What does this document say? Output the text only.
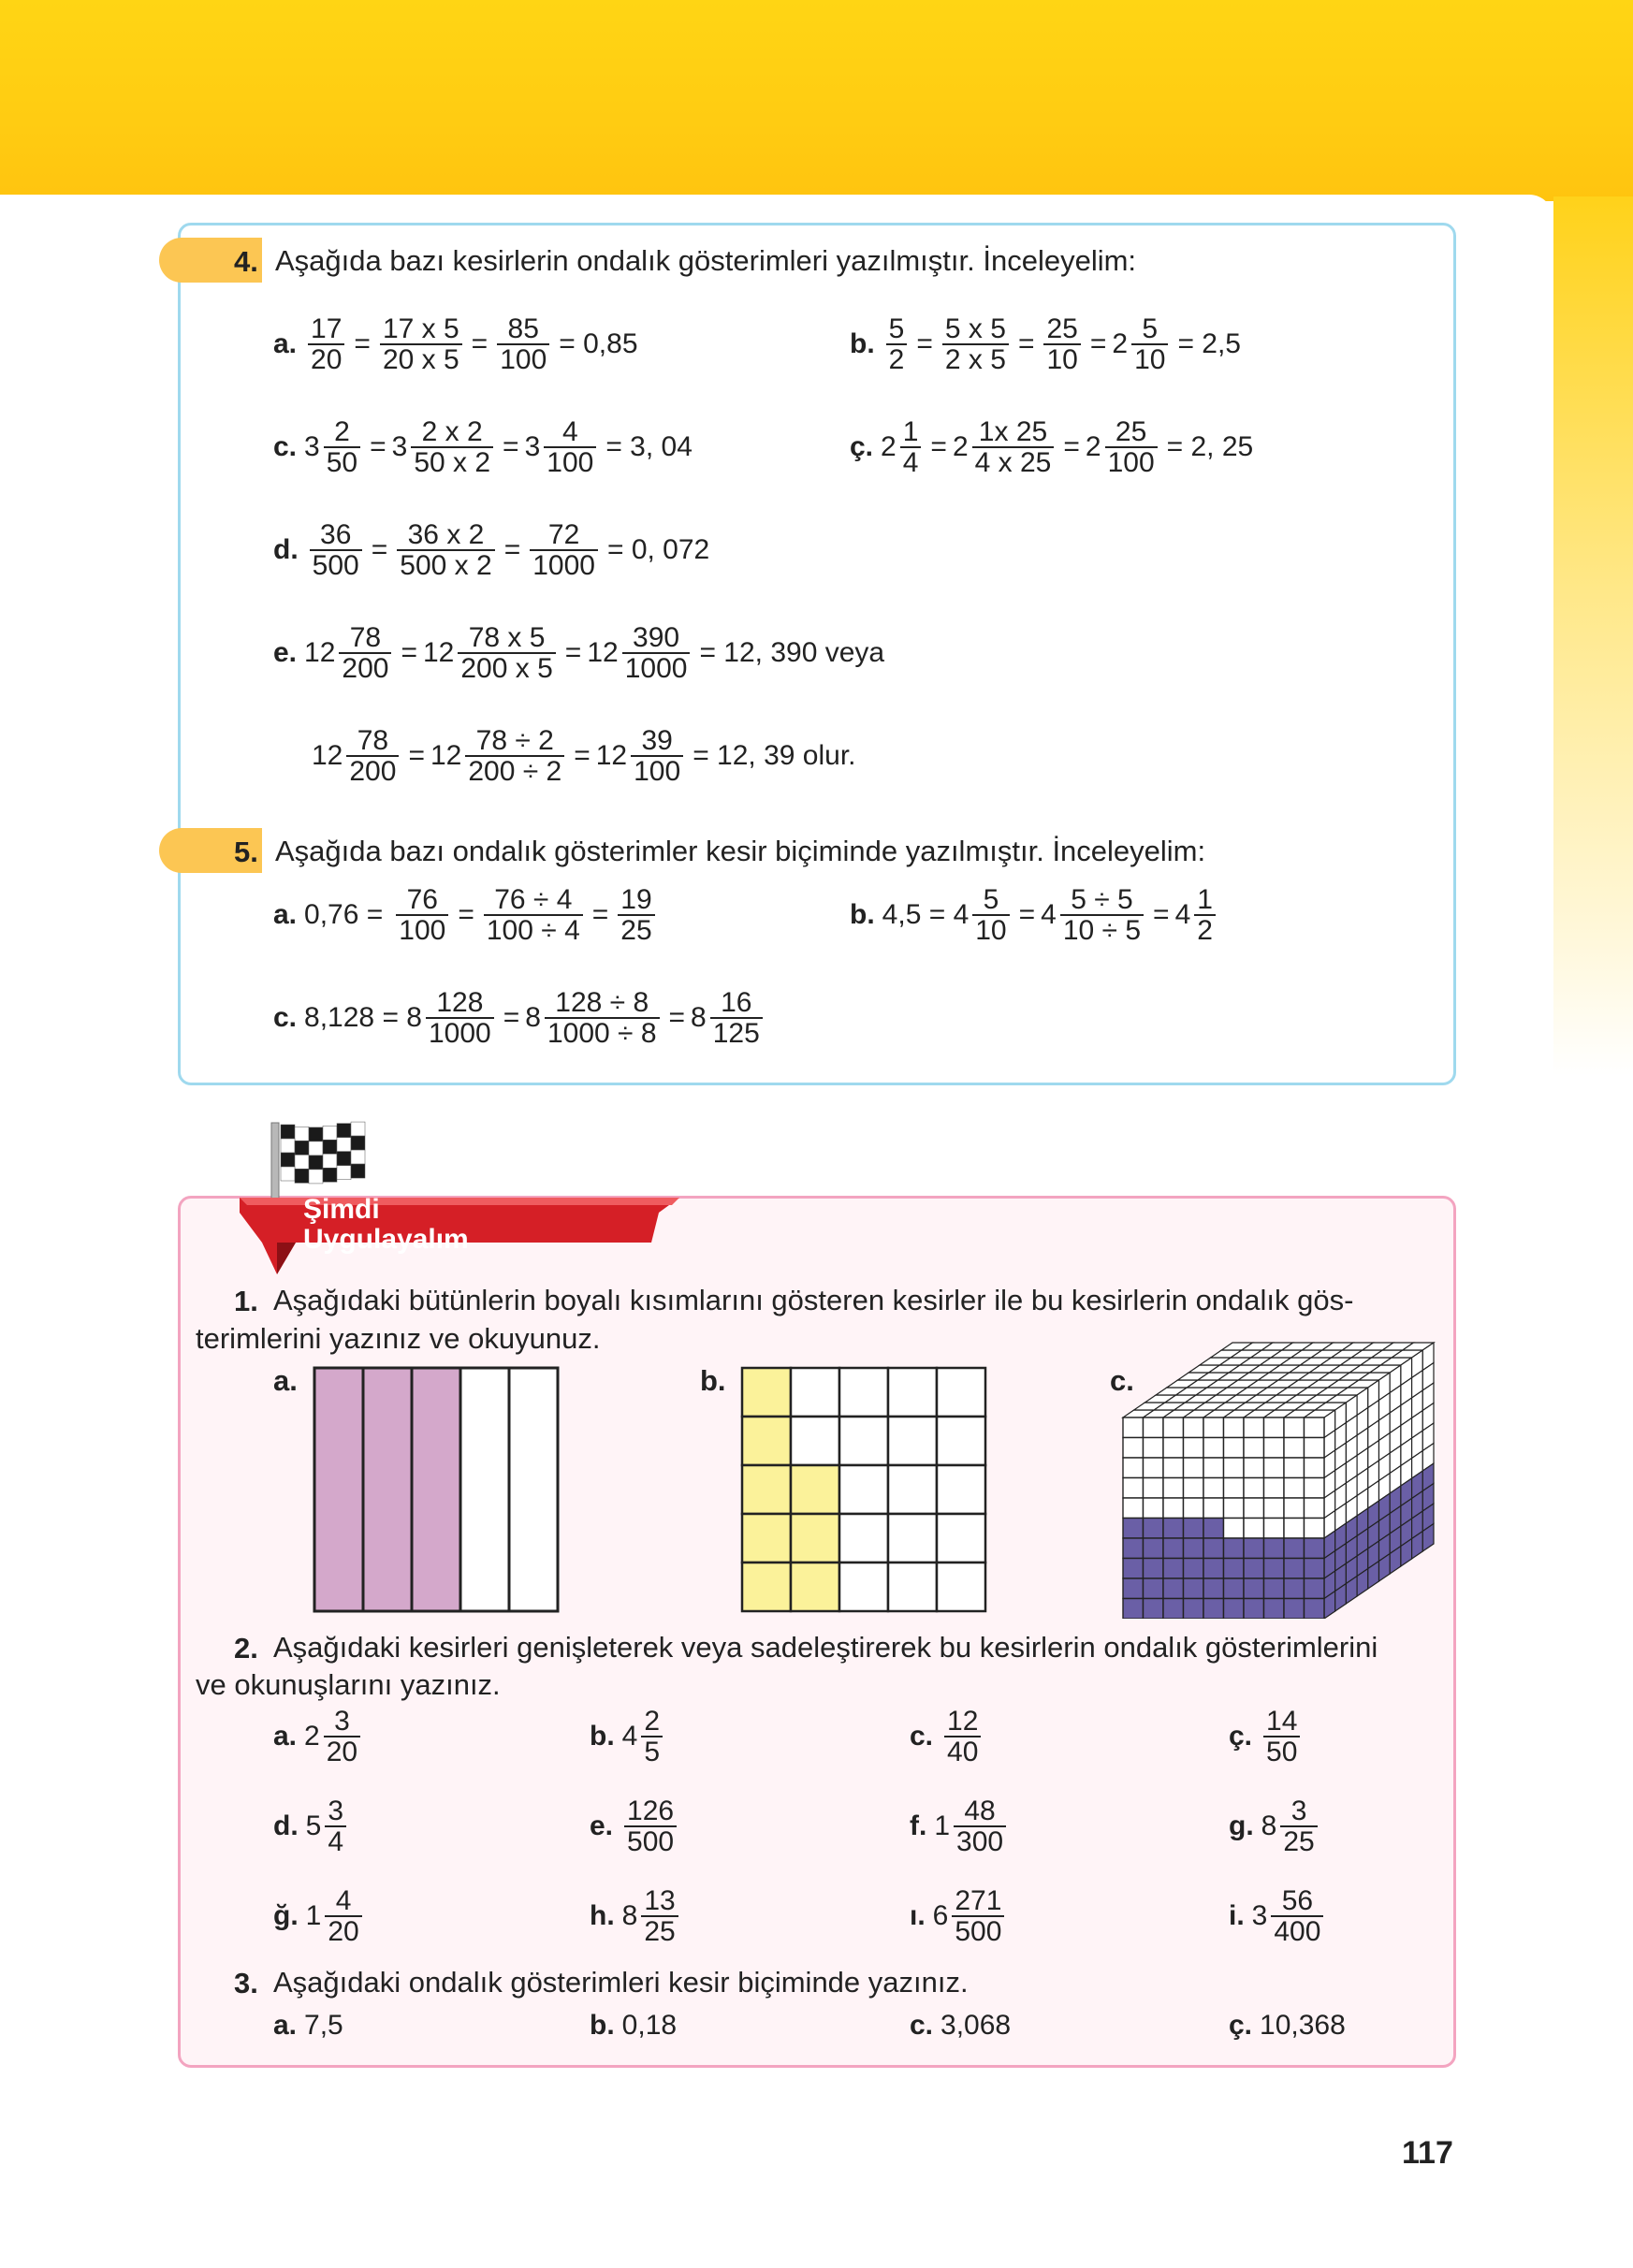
4. Aşağıda bazı kesirlerin ondalık gösterimleri yazılmıştır. İnceleyelim:
a. $\frac{17}{20} = \frac{17 x 5}{20 x 5} = \frac{85}{100} = 0,85$	b. $\frac{5}{2} = \frac{5 x 5}{2 x 5} = \frac{25}{10} = 2 \frac{5}{10} = 2,5$
c. $3 \frac{2}{50} = 3 \frac{2 x 2}{50 x 2} = 3 \frac{4}{100} = 3$, 04	ç. $2 \frac{1}{4} = 2 \frac{1x 25}{4 x 25} = 2 \frac{25}{100} = 2$, 25
d. $\frac{36}{500} = \frac{36 x 2}{500 x 2} = \frac{72}{1000} = 0$, 072
e. $12 \frac{78}{200} = 12 \frac{78 x 5}{200 x 5} = 12 \frac{390}{1000} = 12$, 390 veya
$12 \frac{78}{200} = 12 \frac{78 \div 2}{200 \div 2} = 12 \frac{39}{100} = 12$, 39 olur.
5. Aşağıda bazı ondalık gösterimler kesir biçiminde yazılmıştır. İnceleyelim:
a. $0,76 = \frac{76}{100} = \frac{76 \div 4}{100 \div 4} = \frac{19}{25}$	b. $4,5 = 4 \frac{5}{10} = 4 \frac{5 \div 5}{10 \div 5} = 4 \frac{1}{2}$
c. $8,128 = 8 \frac{128}{1000} = 8 \frac{128 \div 8}{1000 \div 8} = 8 \frac{16}{125}$
Şimdi
Uygulayalım
1. Aşağıdaki bütünlerin boyalı kısımlarını gösteren kesirler ile bu kesirlerin ondalık gös-
terimlerini yazınız ve okuyunuz.
a.	b.	c.
2. Aşağıdaki kesirleri genişleterek veya sadeleştirerek bu kesirlerin ondalık gösterimlerini
ve okunuşlarını yazınız.
a. $2 \frac{3}{20}$	b. $4 \frac{2}{5}$	c. $\frac{12}{40}$	ç. $\frac{14}{50}$
d. $5 \frac{3}{4}$	e. $\frac{126}{500}$	f. $1 \frac{48}{300}$	g. $8 \frac{3}{25}$
ğ. $1 \frac{4}{20}$	h. $8 \frac{13}{25}$	ı. $6 \frac{271}{500}$	i. $3 \frac{56}{400}$
3. Aşağıdaki ondalık gösterimleri kesir biçiminde yazınız.
a. 7,5	b. 0,18	c. 3,068	ç. 10,368
117
